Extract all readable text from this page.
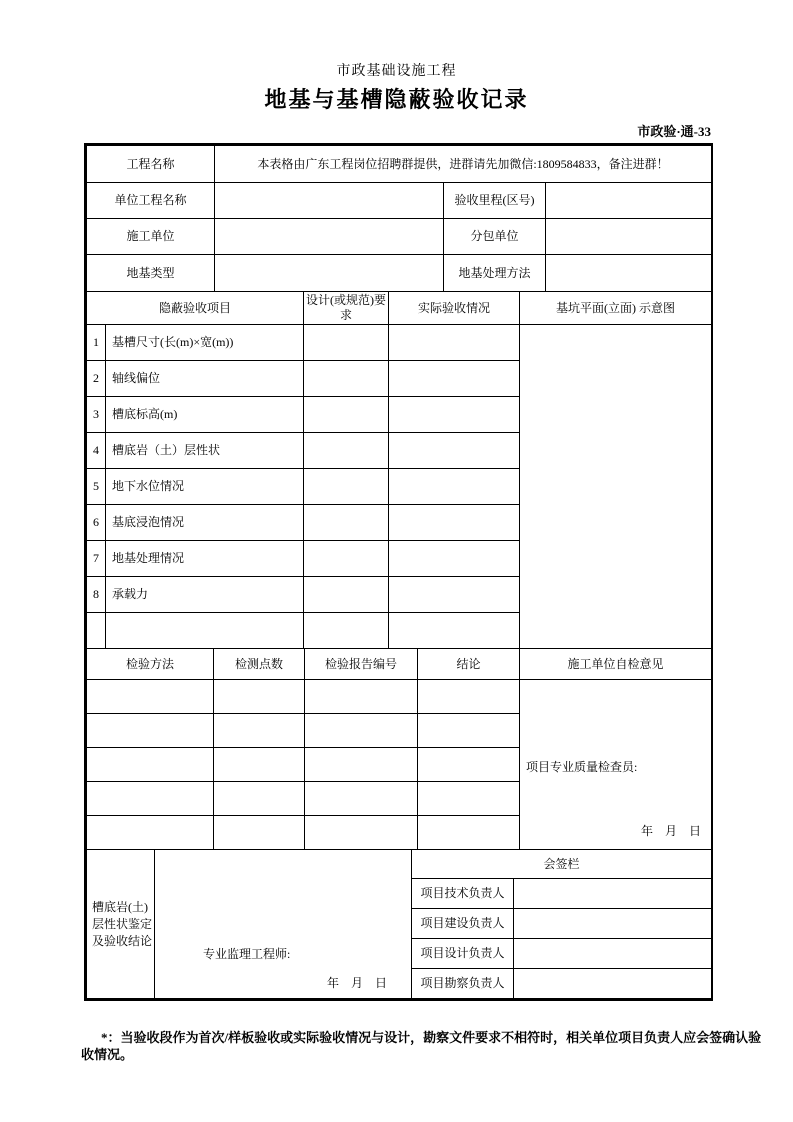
市政基础设施工程
地基与基槽隐蔽验收记录
市政验·通-33
工程名称	本表格由广东工程岗位招聘群提供，进群请先加微信:1809584833，备注进群！		
单位工程名称		验收里程(区号)	
施工单位		分包单位	
地基类型		地基处理方法	
隐蔽验收项目		设计(或规范)要求	实际验收情况	基坑平面(立面) 示意图
1	基槽尺寸(长(m)×宽(m))			
2	轴线偏位			
3	槽底标高(m)			
4	槽底岩（土）层性状			
5	地下水位情况			
6	基底浸泡情况			
7	地基处理情况			
8	承载力			

检验方法	检测点数	检验报告编号	结论	施工单位自检意见

				项目专业质量检查员:
年　月　日

槽底岩(土)
层性状鉴定
及验收结论	专业监理工程师:
年　月　日	会签栏	
		项目技术负责人	
		项目建设负责人	
		项目设计负责人	
		项目勘察负责人	
*：当验收段作为首次/样板验收或实际验收情况与设计，勘察文件要求不相符时，相关单位项目负责人应会签确认验收情况。
